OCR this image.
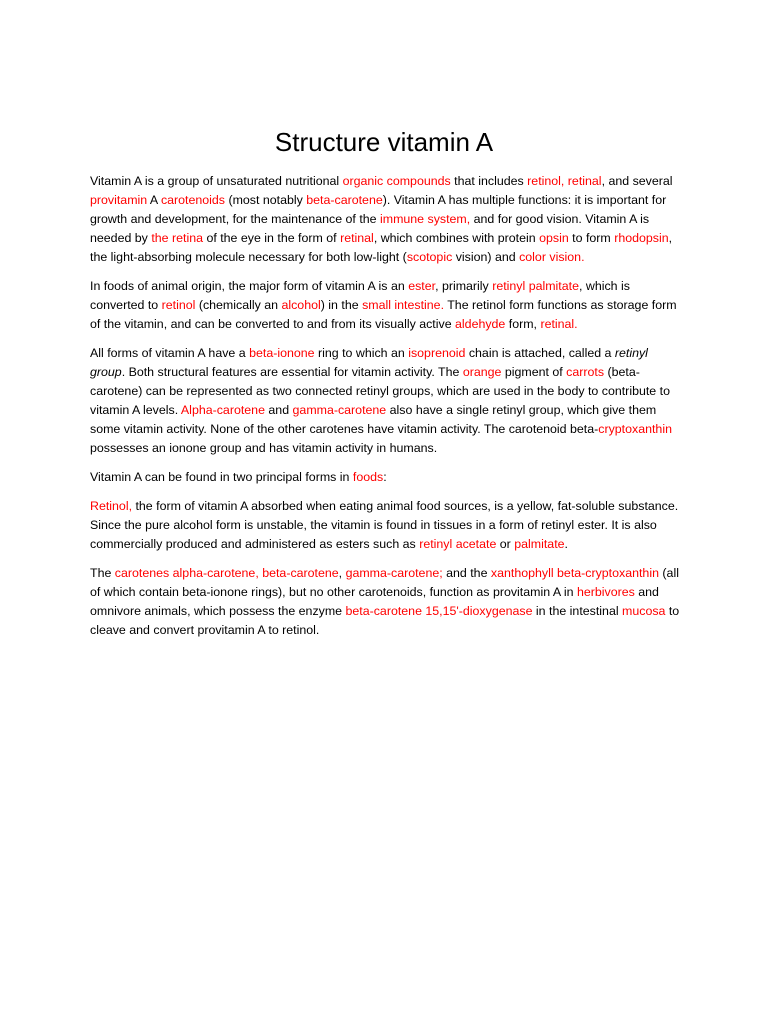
Structure vitamin A

Vitamin A is a group of unsaturated nutritional organic compounds that includes retinol, retinal, and several provitamin A carotenoids (most notably beta-carotene). Vitamin A has multiple functions: it is important for growth and development, for the maintenance of the immune system, and for good vision. Vitamin A is needed by the retina of the eye in the form of retinal, which combines with protein opsin to form rhodopsin, the light-absorbing molecule necessary for both low-light (scotopic vision) and color vision.

In foods of animal origin, the major form of vitamin A is an ester, primarily retinyl palmitate, which is converted to retinol (chemically an alcohol) in the small intestine. The retinol form functions as storage form of the vitamin, and can be converted to and from its visually active aldehyde form, retinal.

All forms of vitamin A have a beta-ionone ring to which an isoprenoid chain is attached, called a retinyl group. Both structural features are essential for vitamin activity. The orange pigment of carrots (beta-carotene) can be represented as two connected retinyl groups, which are used in the body to contribute to vitamin A levels. Alpha-carotene and gamma-carotene also have a single retinyl group, which give them some vitamin activity. None of the other carotenes have vitamin activity. The carotenoid beta-cryptoxanthin possesses an ionone group and has vitamin activity in humans.

Vitamin A can be found in two principal forms in foods:

Retinol, the form of vitamin A absorbed when eating animal food sources, is a yellow, fat-soluble substance. Since the pure alcohol form is unstable, the vitamin is found in tissues in a form of retinyl ester. It is also commercially produced and administered as esters such as retinyl acetate or palmitate.

The carotenes alpha-carotene, beta-carotene, gamma-carotene; and the xanthophyll beta-cryptoxanthin (all of which contain beta-ionone rings), but no other carotenoids, function as provitamin A in herbivores and omnivore animals, which possess the enzyme beta-carotene 15,15'-dioxygenase in the intestinal mucosa to cleave and convert provitamin A to retinol.
